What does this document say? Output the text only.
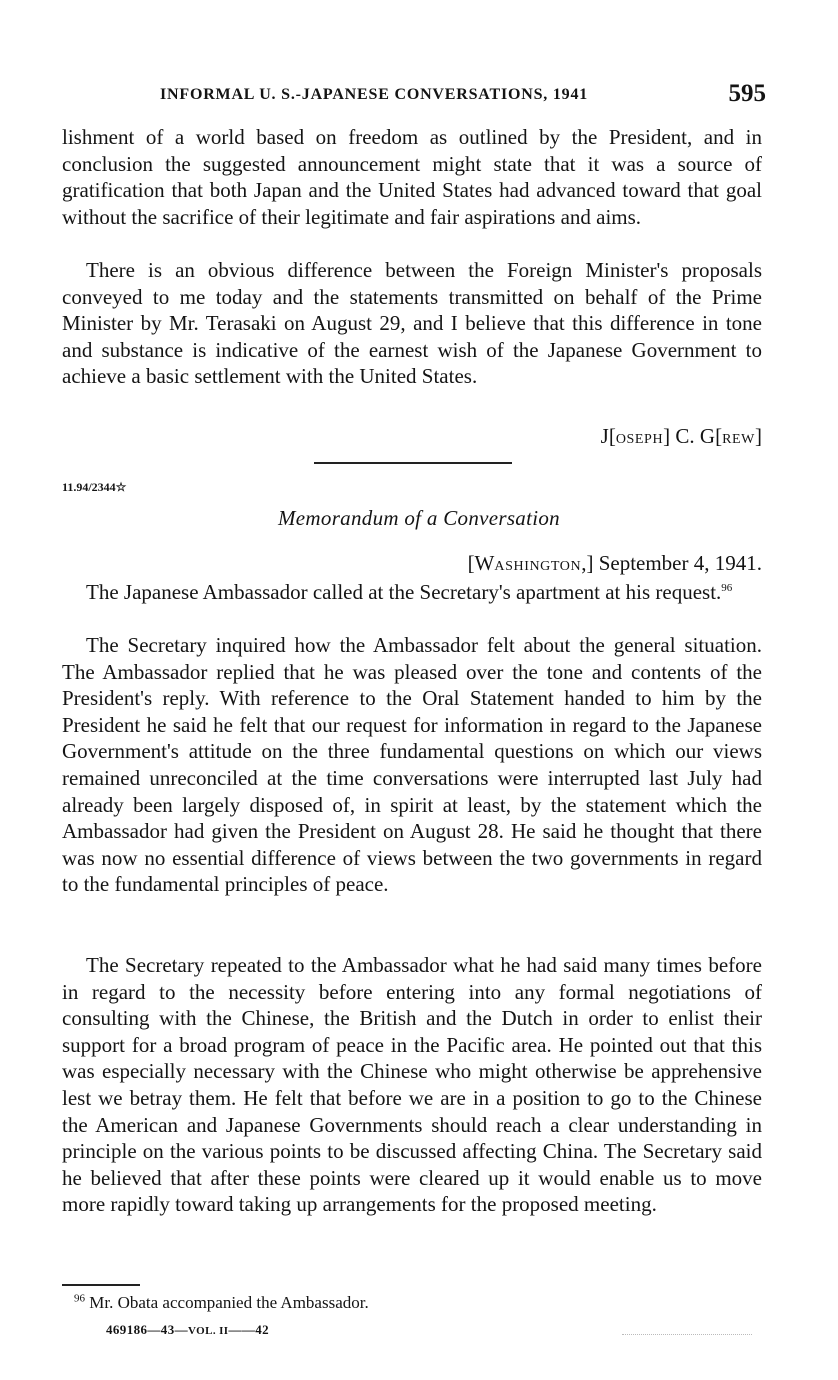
INFORMAL U. S.-JAPANESE CONVERSATIONS, 1941	595

lishment of a world based on freedom as outlined by the President, and in conclusion the suggested announcement might state that it was a source of gratification that both Japan and the United States had advanced toward that goal without the sacrifice of their legitimate and fair aspirations and aims.

There is an obvious difference between the Foreign Minister's proposals conveyed to me today and the statements transmitted on behalf of the Prime Minister by Mr. Terasaki on August 29, and I believe that this difference in tone and substance is indicative of the earnest wish of the Japanese Government to achieve a basic settlement with the United States.

J[OSEPH] C. G[REW]
11.94/2344☆
Memorandum of a Conversation
[WASHINGTON,] September 4, 1941.

The Japanese Ambassador called at the Secretary's apartment at his request.$^{96}$

The Secretary inquired how the Ambassador felt about the general situation. The Ambassador replied that he was pleased over the tone and contents of the President's reply. With reference to the Oral Statement handed to him by the President he said he felt that our request for information in regard to the Japanese Government's attitude on the three fundamental questions on which our views remained unreconciled at the time conversations were interrupted last July had already been largely disposed of, in spirit at least, by the statement which the Ambassador had given the President on August 28. He said he thought that there was now no essential difference of views between the two governments in regard to the fundamental principles of peace.

The Secretary repeated to the Ambassador what he had said many times before in regard to the necessity before entering into any formal negotiations of consulting with the Chinese, the British and the Dutch in order to enlist their support for a broad program of peace in the Pacific area. He pointed out that this was especially necessary with the Chinese who might otherwise be apprehensive lest we betray them. He felt that before we are in a position to go to the Chinese the American and Japanese Governments should reach a clear understanding in principle on the various points to be discussed affecting China. The Secretary said he believed that after these points were cleared up it would enable us to move more rapidly toward taking up arrangements for the proposed meeting.

$^{96}$ Mr. Obata accompanied the Ambassador.
469186—43—VOL. II——42
